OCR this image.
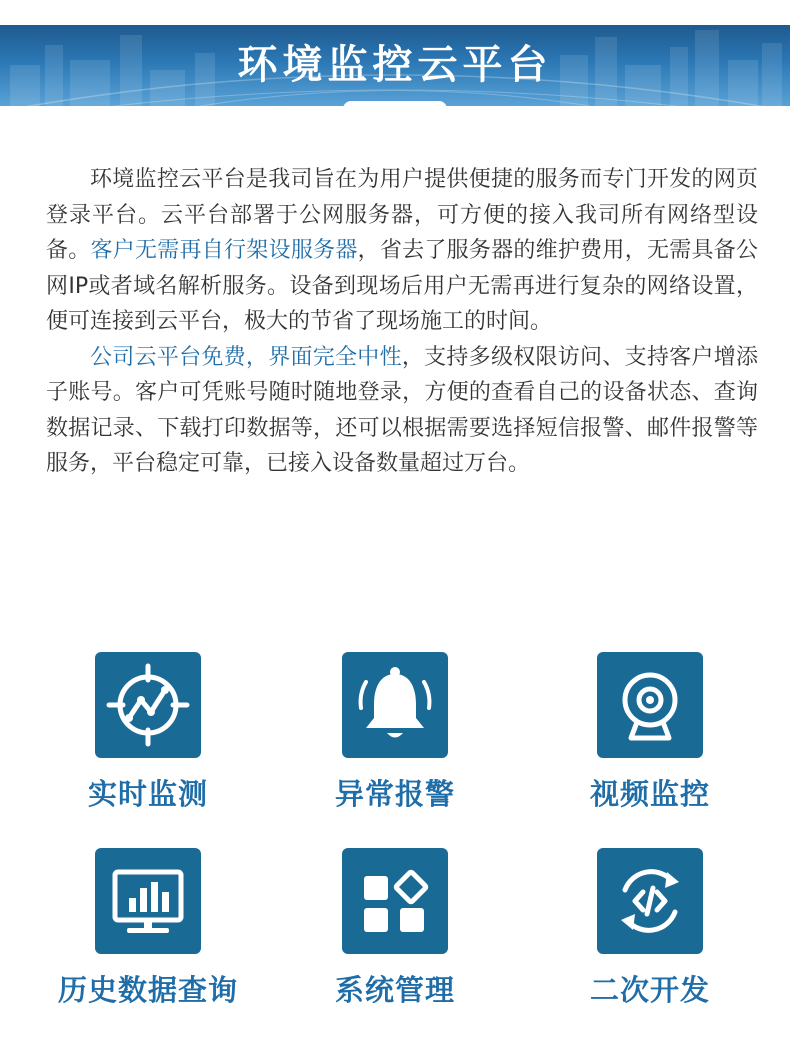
环境监控云平台

环境监控云平台是我司旨在为用户提供便捷的服务而专门开发的网页登录平台。云平台部署于公网服务器，可方便的接入我司所有网络型设备。客户无需再自行架设服务器，省去了服务器的维护费用，无需具备公网IP或者域名解析服务。设备到现场后用户无需再进行复杂的网络设置，便可连接到云平台，极大的节省了现场施工的时间。

公司云平台免费，界面完全中性，支持多级权限访问、支持客户增添子账号。客户可凭账号随时随地登录，方便的查看自己的设备状态、查询数据记录、下载打印数据等，还可以根据需要选择短信报警、邮件报警等服务，平台稳定可靠，已接入设备数量超过万台。

实时监测	异常报警	视频监控
历史数据查询	系统管理	二次开发
